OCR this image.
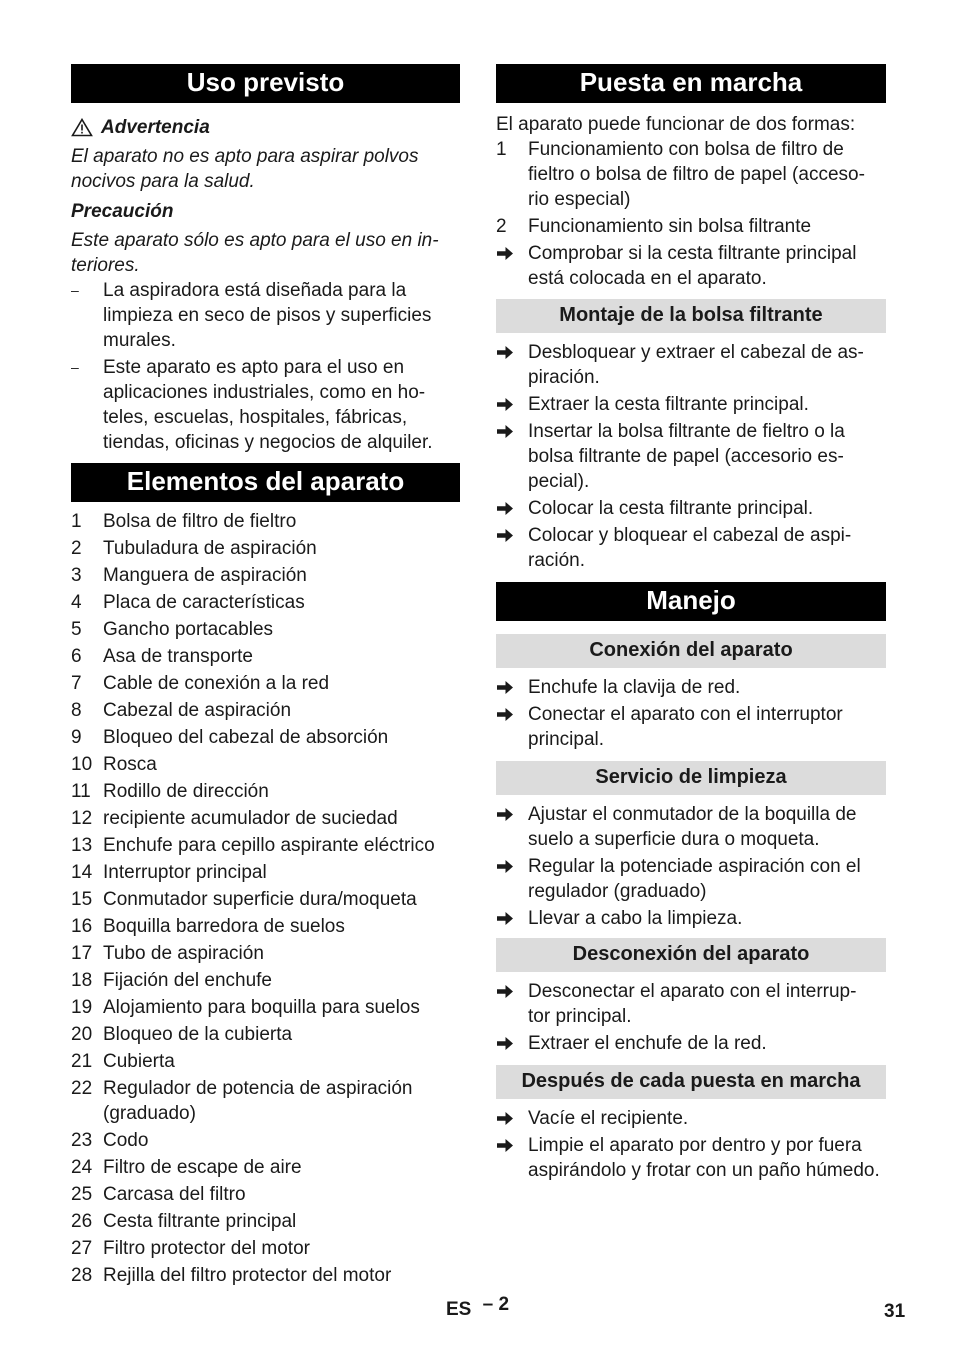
Uso previsto
Advertencia
El aparato no es apto para aspirar polvos
nocivos para la salud.
Precaución
Este aparato sólo es apto para el uso en in-
teriores.
–	La aspiradora está diseñada para la
limpieza en seco de pisos y superficies
murales.
–	Este aparato es apto para el uso en
aplicaciones industriales, como en ho-
teles, escuelas, hospitales, fábricas,
tiendas, oficinas y negocios de alquiler.
Elementos del aparato
1	Bolsa de filtro de fieltro
2	Tubuladura de aspiración
3	Manguera de aspiración
4	Placa de características
5	Gancho portacables
6	Asa de transporte
7	Cable de conexión a la red
8	Cabezal de aspiración
9	Bloqueo del cabezal de absorción
10 Rosca
11 Rodillo de dirección
12 recipiente acumulador de suciedad
13 Enchufe para cepillo aspirante eléctrico
14 Interruptor principal
15 Conmutador superficie dura/moqueta
16 Boquilla barredora de suelos
17 Tubo de aspiración
18 Fijación del enchufe
19 Alojamiento para boquilla para suelos
20 Bloqueo de la cubierta
21 Cubierta
22 Regulador de potencia de aspiración
(graduado)
23 Codo
24 Filtro de escape de aire
25 Carcasa del filtro
26 Cesta filtrante principal
27 Filtro protector del motor
28 Rejilla del filtro protector del motor
Puesta en marcha
El aparato puede funcionar de dos formas:
1	Funcionamiento con bolsa de filtro de
fieltro o bolsa de filtro de papel (acceso-
rio especial)
2	Funcionamiento sin bolsa filtrante
Comprobar si la cesta filtrante principal
está colocada en el aparato.
Montaje de la bolsa filtrante
Desbloquear y extraer el cabezal de as-
piración.
Extraer la cesta filtrante principal.
Insertar la bolsa filtrante de fieltro o la
bolsa filtrante de papel (accesorio es-
pecial).
Colocar la cesta filtrante principal.
Colocar y bloquear el cabezal de aspi-
ración.
Manejo
Conexión del aparato
Enchufe la clavija de red.
Conectar el aparato con el interruptor
principal.
Servicio de limpieza
Ajustar el conmutador de la boquilla de
suelo a superficie dura o moqueta.
Regular la potenciade aspiración con el
regulador (graduado)
Llevar a cabo la limpieza.
Desconexión del aparato
Desconectar el aparato con el interrup-
tor principal.
Extraer el enchufe de la red.
Después de cada puesta en marcha
Vacíe el recipiente.
Limpie el aparato por dentro y por fuera
aspirándolo y frotar con un paño húmedo.
ES – 2	31
